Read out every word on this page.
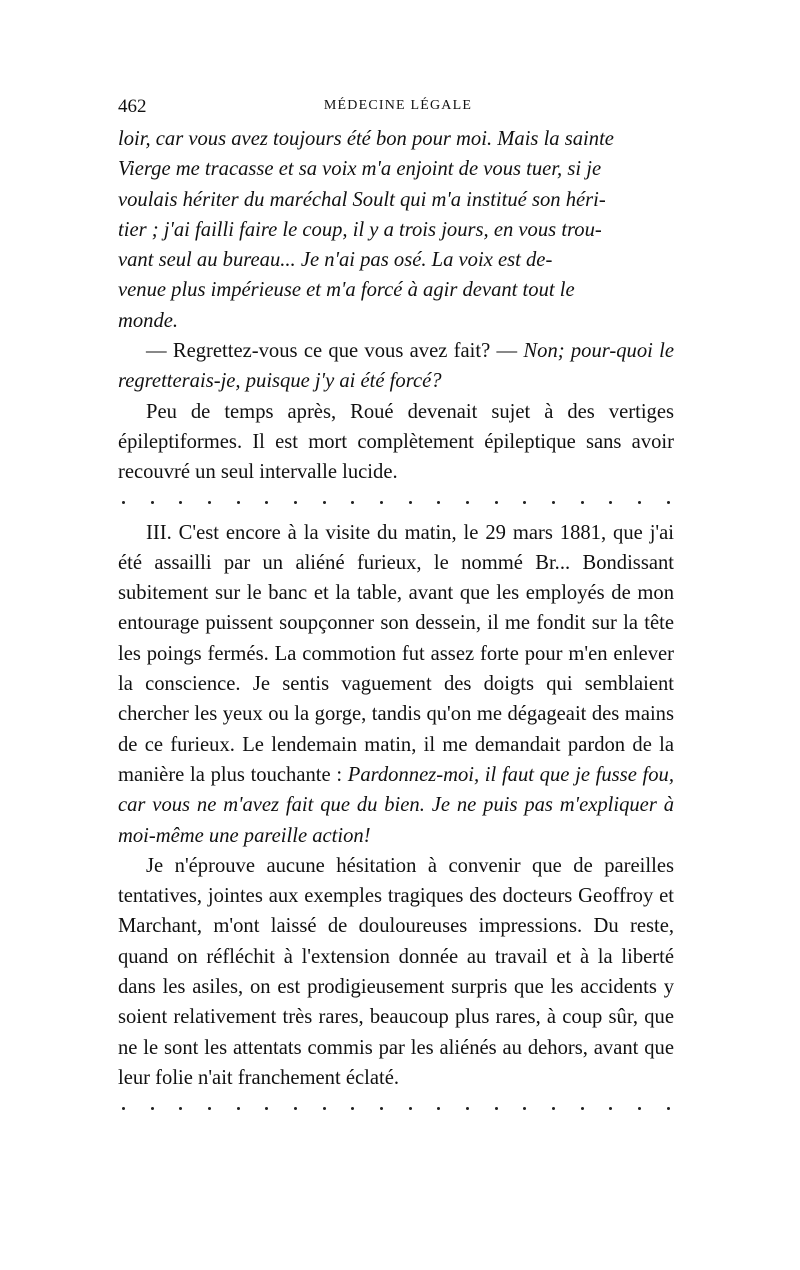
462	MÉDECINE LÉGALE

loir, car vous avez toujours été bon pour moi. Mais la sainte
Vierge me tracasse et sa voix m'a enjoint de vous tuer, si je
voulais hériter du maréchal Soult qui m'a institué son héri-
tier ; j'ai failli faire le coup, il y a trois jours, en vous trou-
vant seul au bureau... Je n'ai pas osé. La voix est de-
venue plus impérieuse et m'a forcé à agir devant tout le
monde.

— Regrettez-vous ce que vous avez fait? — Non; pour-quoi le regretterais-je, puisque j'y ai été forcé?

Peu de temps après, Roué devenait sujet à des vertiges épileptiformes. Il est mort complètement épileptique sans avoir recouvré un seul intervalle lucide.

III. C'est encore à la visite du matin, le 29 mars 1881, que j'ai été assailli par un aliéné furieux, le nommé Br... Bondissant subitement sur le banc et la table, avant que les employés de mon entourage puissent soupçonner son dessein, il me fondit sur la tête les poings fermés. La commotion fut assez forte pour m'en enlever la conscience. Je sentis vaguement des doigts qui semblaient chercher les yeux ou la gorge, tandis qu'on me dégageait des mains de ce furieux. Le lendemain matin, il me demandait pardon de la manière la plus touchante : Pardonnez-moi, il faut que je fusse fou, car vous ne m'avez fait que du bien. Je ne puis pas m'expliquer à moi-même une pareille action!

Je n'éprouve aucune hésitation à convenir que de pareilles tentatives, jointes aux exemples tragiques des docteurs Geoffroy et Marchant, m'ont laissé de douloureuses impressions. Du reste, quand on réfléchit à l'extension donnée au travail et à la liberté dans les asiles, on est prodigieusement surpris que les accidents y soient relativement très rares, beaucoup plus rares, à coup sûr, que ne le sont les attentats commis par les aliénés au dehors, avant que leur folie n'ait franchement éclaté.
